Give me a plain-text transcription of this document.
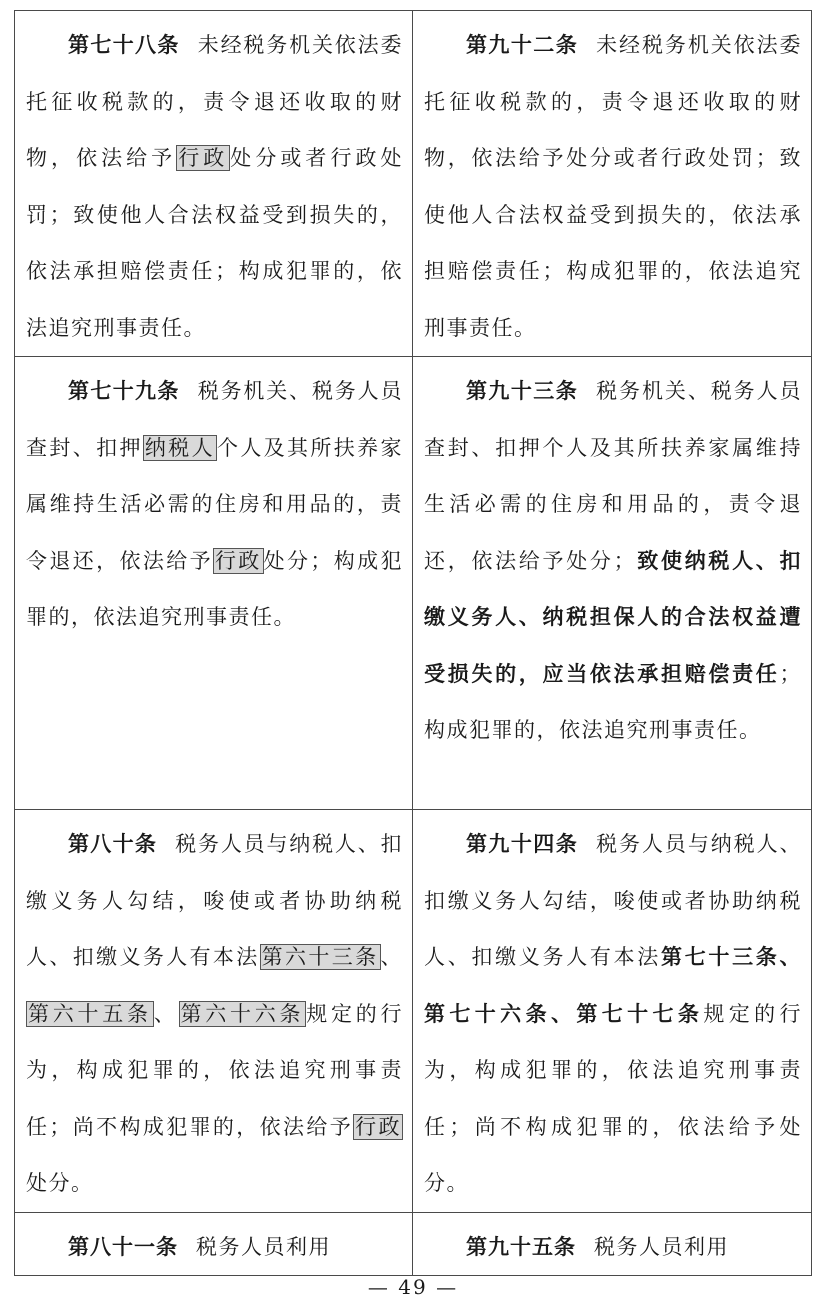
第七十八条 未经税务机关依法委托征收税款的，责令退还收取的财物，依法给予行政处分或者行政处罚；致使他人合法权益受到损失的，依法承担赔偿责任；构成犯罪的，依法追究刑事责任。	第九十二条 未经税务机关依法委托征收税款的，责令退还收取的财物，依法给予处分或者行政处罚；致使他人合法权益受到损失的，依法承担赔偿责任；构成犯罪的，依法追究刑事责任。
第七十九条 税务机关、税务人员查封、扣押纳税人个人及其所扶养家属维持生活必需的住房和用品的，责令退还，依法给予行政处分；构成犯罪的，依法追究刑事责任。	第九十三条 税务机关、税务人员查封、扣押个人及其所扶养家属维持生活必需的住房和用品的，责令退还，依法给予处分；致使纳税人、扣缴义务人、纳税担保人的合法权益遭受损失的，应当依法承担赔偿责任；构成犯罪的，依法追究刑事责任。
第八十条 税务人员与纳税人、扣缴义务人勾结，唆使或者协助纳税人、扣缴义务人有本法第六十三条、第六十五条、第六十六条规定的行为，构成犯罪的，依法追究刑事责任；尚不构成犯罪的，依法给予行政处分。	第九十四条 税务人员与纳税人、扣缴义务人勾结，唆使或者协助纳税人、扣缴义务人有本法第七十三条、第七十六条、第七十七条规定的行为，构成犯罪的，依法追究刑事责任；尚不构成犯罪的，依法给予处分。
第八十一条 税务人员利用	第九十五条 税务人员利用
— 49 —
